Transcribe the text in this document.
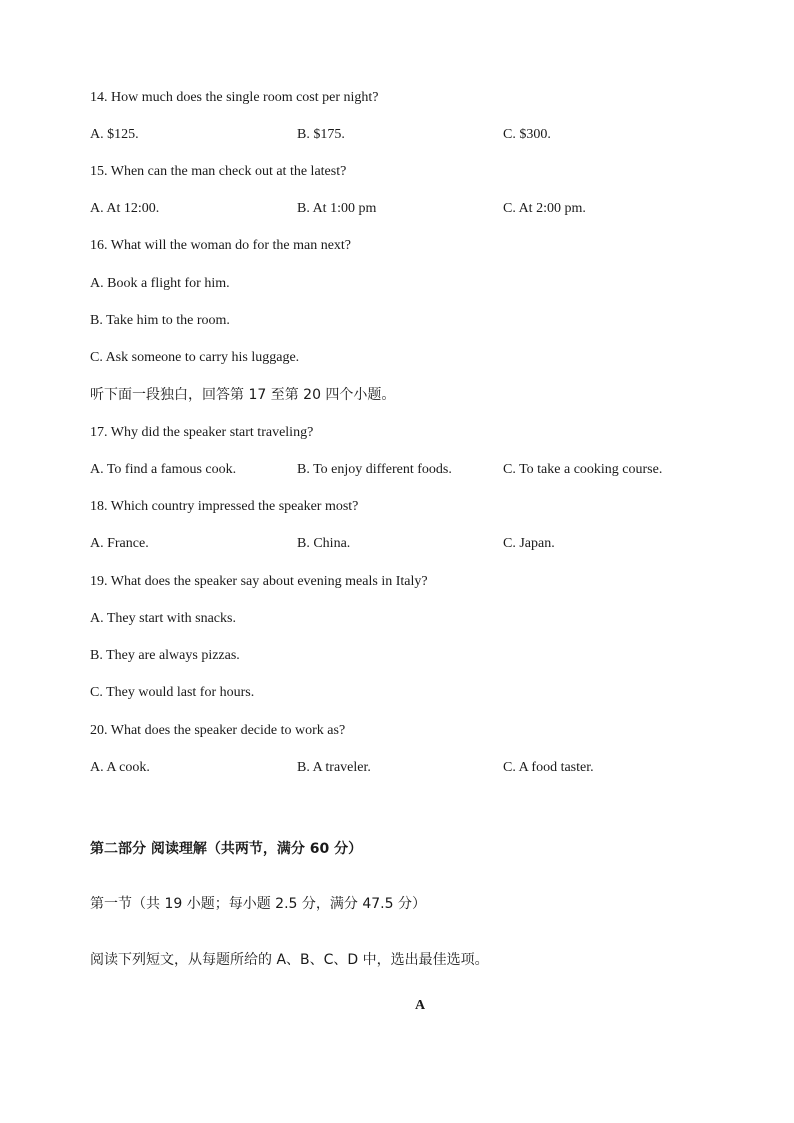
14. How much does the single room cost per night?
A. $125.	B. $175.	C. $300.
15. When can the man check out at the latest?
A. At 12:00.	B. At 1:00 pm	C. At 2:00 pm.
16. What will the woman do for the man next?
A. Book a flight for him.
B. Take him to the room.
C. Ask someone to carry his luggage.
听下面一段独白，回答第 17 至第 20 四个小题。
17. Why did the speaker start traveling?
A. To find a famous cook.	B. To enjoy different foods.	C. To take a cooking course.
18. Which country impressed the speaker most?
A. France.	B. China.	C. Japan.
19. What does the speaker say about evening meals in Italy?
A. They start with snacks.
B. They are always pizzas.
C. They would last for hours.
20. What does the speaker decide to work as?
A. A cook.	B. A traveler.	C. A food taster.
第二部分 阅读理解（共两节，满分 60 分）
第一节（共 19 小题；每小题 2.5 分，满分 47.5 分）
阅读下列短文，从每题所给的 A、B、C、D 中，选出最佳选项。
A
